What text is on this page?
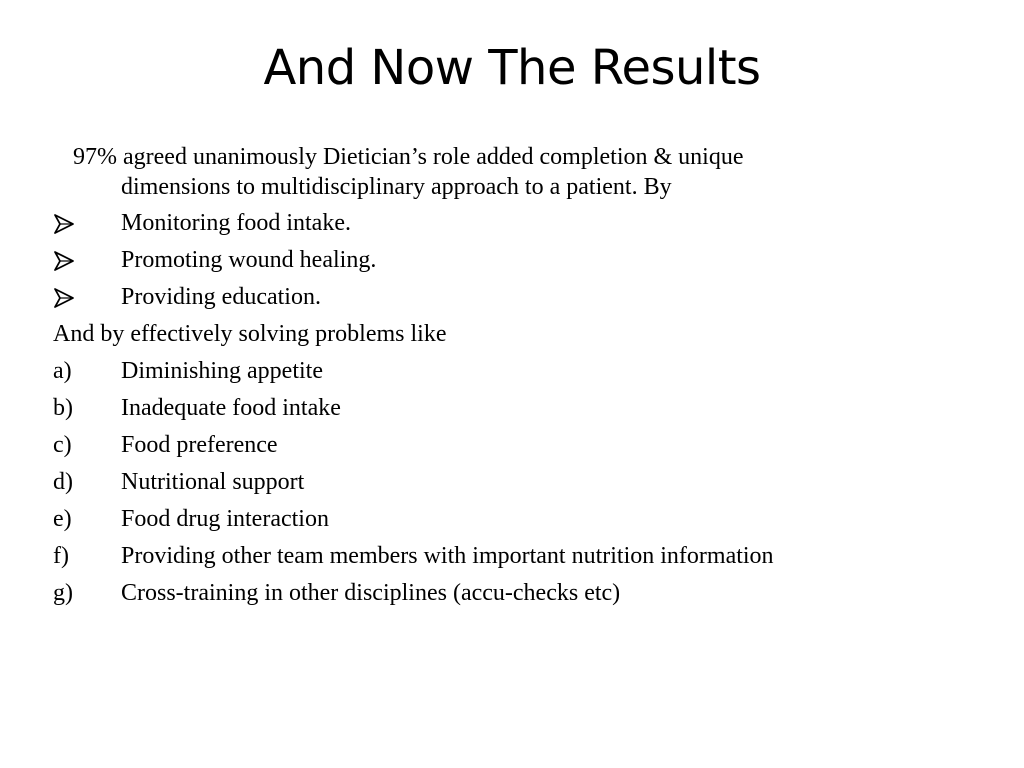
And Now The Results

97% agreed unanimously Dietician’s role added completion & unique
dimensions to multidisciplinary approach to a patient. By

Monitoring food intake.
Promoting wound healing.
Providing education.
And by effectively solving problems like
a) Diminishing appetite
b) Inadequate food intake
c) Food preference
d) Nutritional support
e) Food drug interaction
f) Providing other team members with important nutrition information
g) Cross-training in other disciplines (accu-checks etc)
